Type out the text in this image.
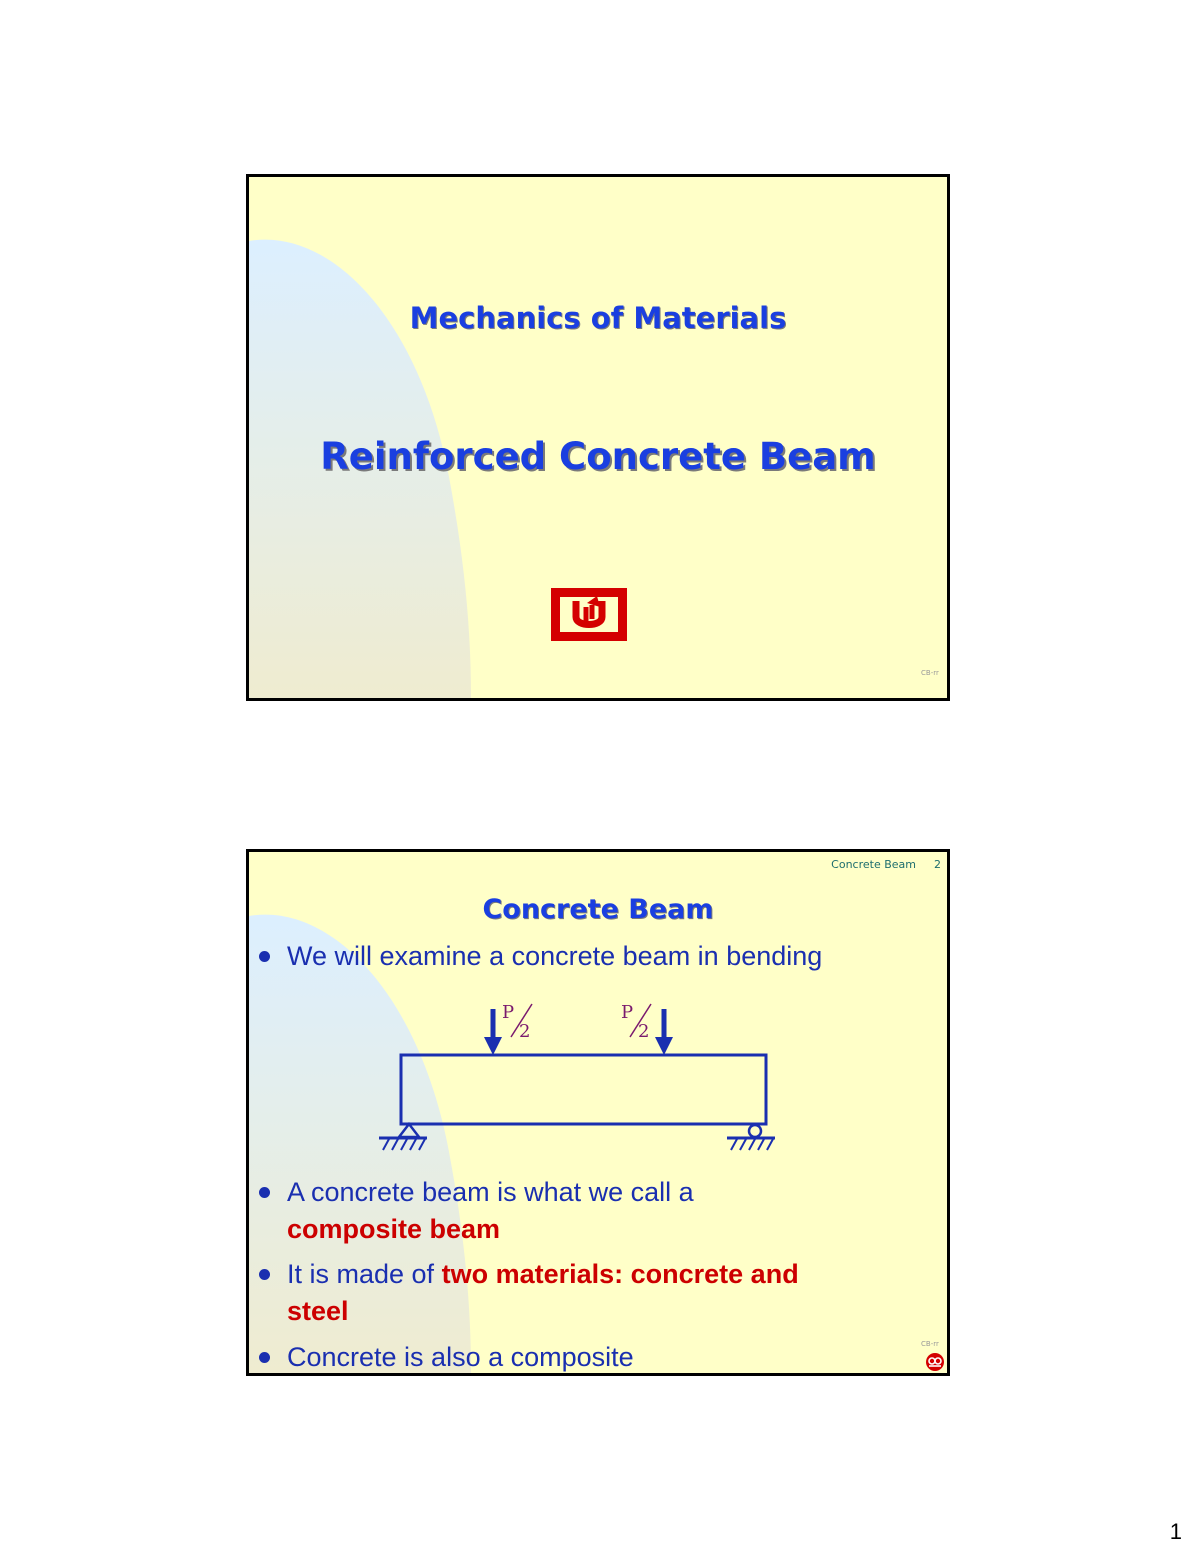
Mechanics of Materials
Reinforced Concrete Beam
CB-rr
Concrete Beam 2
Concrete Beam
We will examine a concrete beam in bending
P
2
P
2
A concrete beam is what we call a
composite beam
It is made of two materials: concrete and steel
Concrete is also a composite	CB-rr
1
